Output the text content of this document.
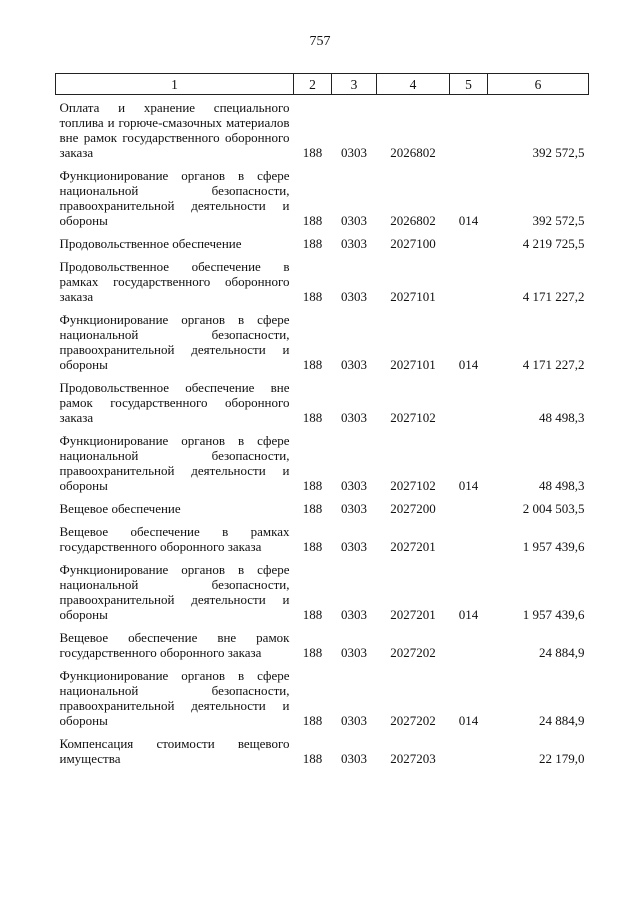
757
1	2	3	4	5	6
Оплата и хранение специального топлива и горюче-смазочных материалов вне рамок государственного оборонного заказа	188	0303	2026802		392 572,5
Функционирование органов в сфере национальной безопасности, правоохранительной деятельности и обороны	188	0303	2026802	014	392 572,5
Продовольственное обеспечение	188	0303	2027100		4 219 725,5
Продовольственное обеспечение в рамках государственного оборонного заказа	188	0303	2027101		4 171 227,2
Функционирование органов в сфере национальной безопасности, правоохранительной деятельности и обороны	188	0303	2027101	014	4 171 227,2
Продовольственное обеспечение вне рамок государственного оборонного заказа	188	0303	2027102		48 498,3
Функционирование органов в сфере национальной безопасности, правоохранительной деятельности и обороны	188	0303	2027102	014	48 498,3
Вещевое обеспечение	188	0303	2027200		2 004 503,5
Вещевое обеспечение в рамках государственного оборонного заказа	188	0303	2027201		1 957 439,6
Функционирование органов в сфере национальной безопасности, правоохранительной деятельности и обороны	188	0303	2027201	014	1 957 439,6
Вещевое обеспечение вне рамок государственного оборонного заказа	188	0303	2027202		24 884,9
Функционирование органов в сфере национальной безопасности, правоохранительной деятельности и обороны	188	0303	2027202	014	24 884,9
Компенсация стоимости вещевого имущества	188	0303	2027203		22 179,0
